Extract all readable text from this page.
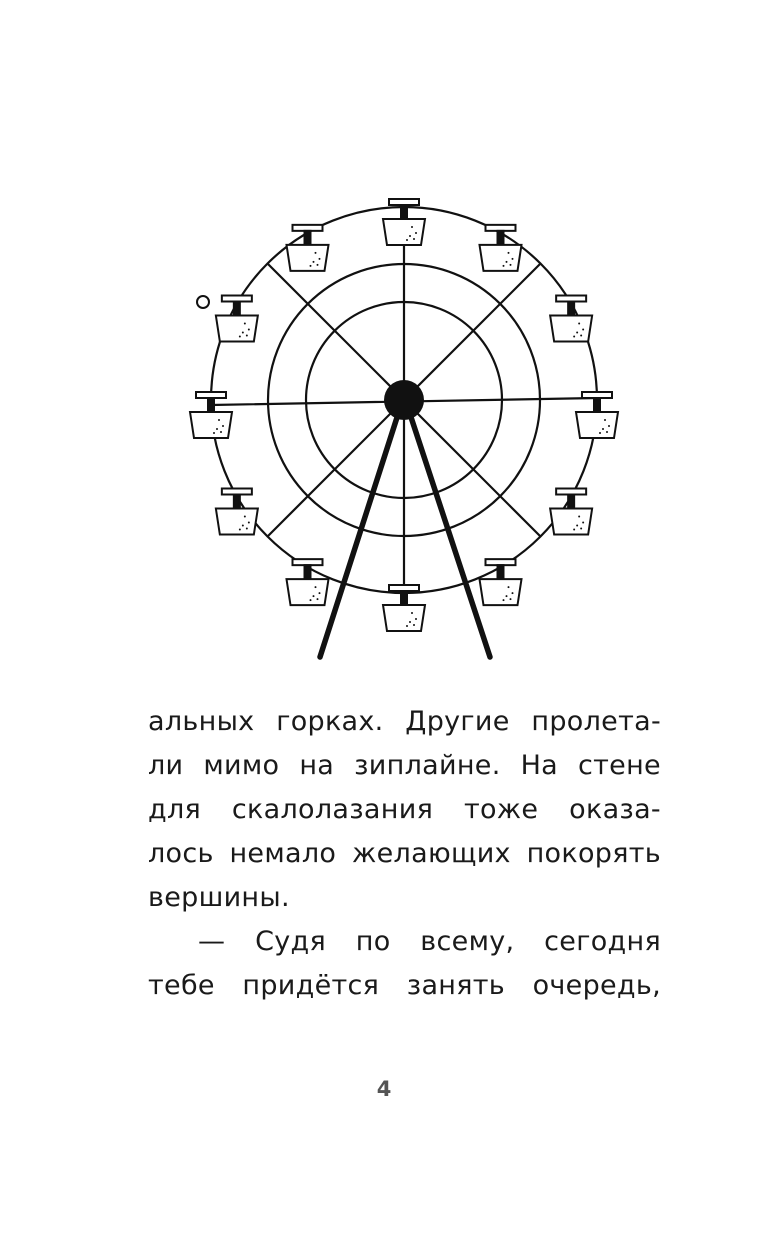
альных горках. Другие пролета-
ли мимо на зиплайне. На стене
для скалолазания тоже оказа-
лось немало желающих покорять
вершины.
— Судя по всему, сегодня
тебе придётся занять очередь,
4
